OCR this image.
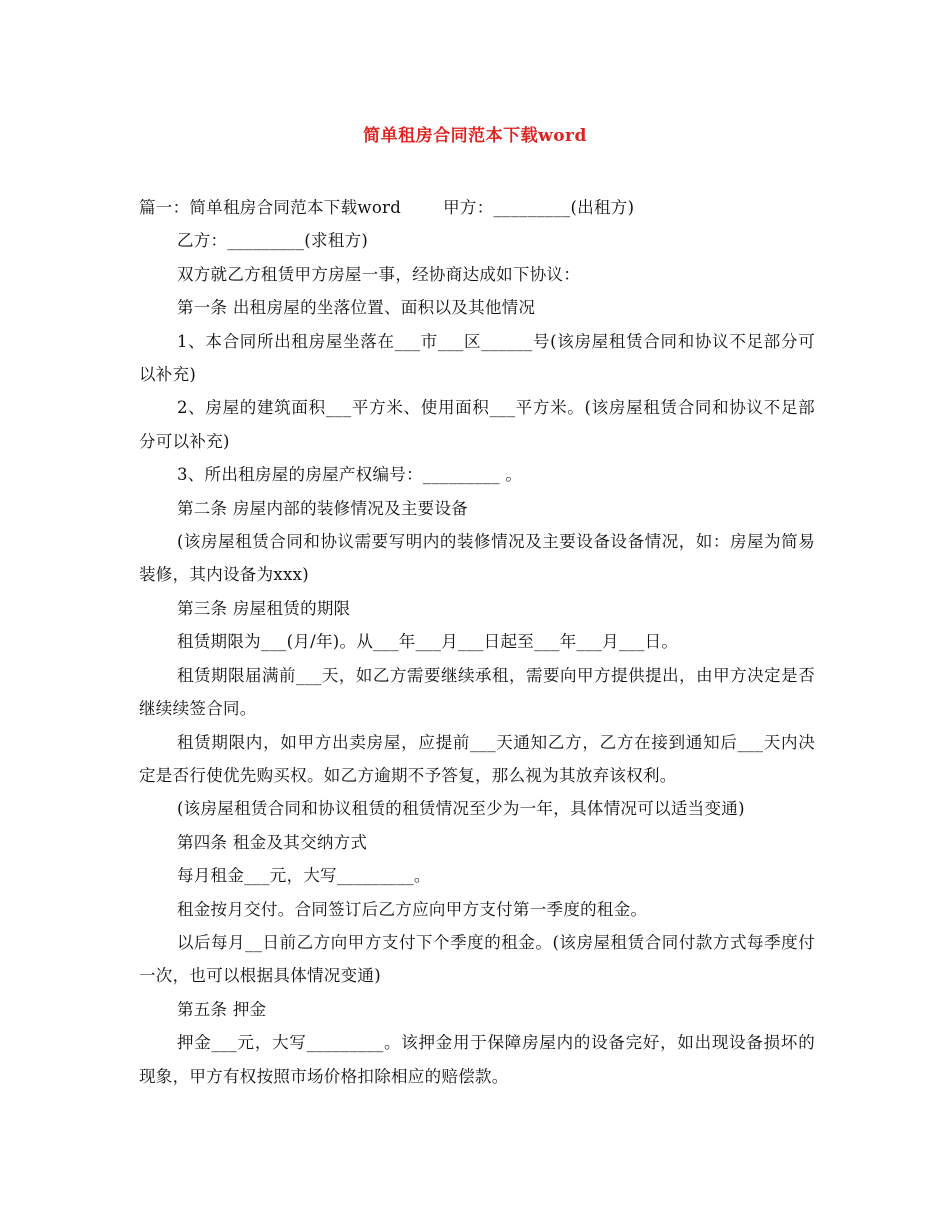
简单租房合同范本下载word

篇一：简单租房合同范本下载word	甲方：_________(出租方)

乙方：_________(求租方)

双方就乙方租赁甲方房屋一事，经协商达成如下协议：

第一条 出租房屋的坐落位置、面积以及其他情况

1、本合同所出租房屋坐落在___市___区______号(该房屋租赁合同和协议不足部分可以补充)

2、房屋的建筑面积___平方米、使用面积___平方米。(该房屋租赁合同和协议不足部分可以补充)

3、所出租房屋的房屋产权编号：_________ 。

第二条 房屋内部的装修情况及主要设备

(该房屋租赁合同和协议需要写明内的装修情况及主要设备设备情况，如：房屋为简易装修，其内设备为xxx)

第三条 房屋租赁的期限

租赁期限为___(月/年)。从___年___月___日起至___年___月___日。

租赁期限届满前___天，如乙方需要继续承租，需要向甲方提供提出，由甲方决定是否继续续签合同。

租赁期限内，如甲方出卖房屋，应提前___天通知乙方，乙方在接到通知后___天内决定是否行使优先购买权。如乙方逾期不予答复，那么视为其放弃该权利。

(该房屋租赁合同和协议租赁的租赁情况至少为一年，具体情况可以适当变通)

第四条 租金及其交纳方式

每月租金___元，大写_________。

租金按月交付。合同签订后乙方应向甲方支付第一季度的租金。

以后每月__日前乙方向甲方支付下个季度的租金。(该房屋租赁合同付款方式每季度付一次，也可以根据具体情况变通)

第五条 押金

押金___元，大写_________。该押金用于保障房屋内的设备完好，如出现设备损坏的现象，甲方有权按照市场价格扣除相应的赔偿款。
